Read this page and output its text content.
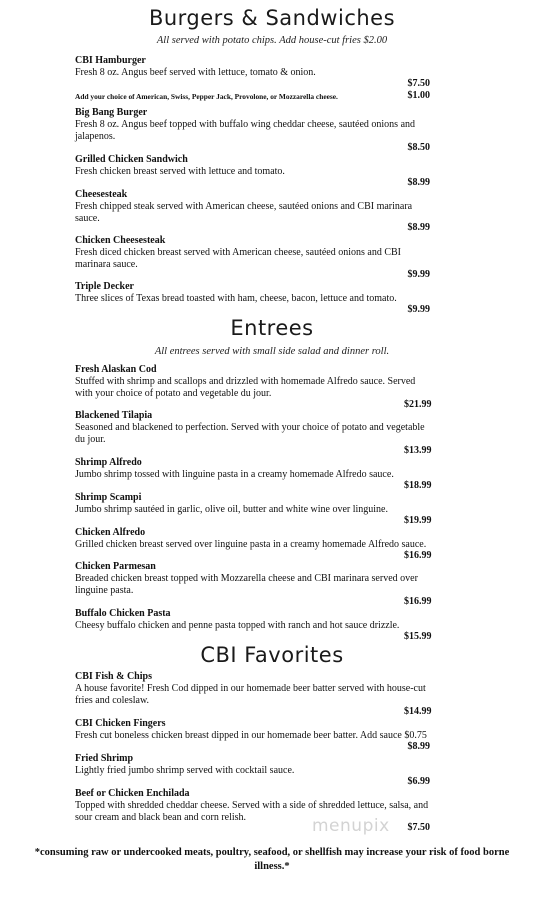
Burgers & Sandwiches
All served with potato chips. Add house-cut fries $2.00
CBI Hamburger
Fresh 8 oz. Angus beef served with lettuce, tomato & onion.
$7.50
Add your choice of American, Swiss, Pepper Jack, Provolone, or Mozzarella cheese.	$1.00
Big Bang Burger
Fresh 8 oz. Angus beef topped with buffalo wing cheddar cheese, sautéed onions and jalapenos.
$8.50
Grilled Chicken Sandwich
Fresh chicken breast served with lettuce and tomato.
$8.99
Cheesesteak
Fresh chipped steak served with American cheese, sautéed onions and CBI marinara sauce.
$8.99
Chicken Cheesesteak
Fresh diced chicken breast served with American cheese, sautéed onions and CBI marinara sauce.
$9.99
Triple Decker
Three slices of Texas bread toasted with ham, cheese, bacon, lettuce and tomato.
$9.99
Entrees
All entrees served with small side salad and dinner roll.
Fresh Alaskan Cod
Stuffed with shrimp and scallops and drizzled with homemade Alfredo sauce. Served with your choice of potato and vegetable du jour.
$21.99
Blackened Tilapia
Seasoned and blackened to perfection. Served with your choice of potato and vegetable du jour.
$13.99
Shrimp Alfredo
Jumbo shrimp tossed with linguine pasta in a creamy homemade Alfredo sauce.
$18.99
Shrimp Scampi
Jumbo shrimp sautéed in garlic, olive oil, butter and white wine over linguine.
$19.99
Chicken Alfredo
Grilled chicken breast served over linguine pasta in a creamy homemade Alfredo sauce.
$16.99
Chicken Parmesan
Breaded chicken breast topped with Mozzarella cheese and CBI marinara served over linguine pasta.
$16.99
Buffalo Chicken Pasta
Cheesy buffalo chicken and penne pasta topped with ranch and hot sauce drizzle.
$15.99
CBI Favorites
CBI Fish & Chips
A house favorite! Fresh Cod dipped in our homemade beer batter served with house-cut fries and coleslaw.
$14.99
CBI Chicken Fingers
Fresh cut boneless chicken breast dipped in our homemade beer batter. Add sauce $0.75
$8.99
Fried Shrimp
Lightly fried jumbo shrimp served with cocktail sauce.
$6.99
Beef or Chicken Enchilada
Topped with shredded cheddar cheese. Served with a side of shredded lettuce, salsa, and sour cream and black bean and corn relish.
$7.50
menupix
*consuming raw or undercooked meats, poultry, seafood, or shellfish may increase your risk of food borne illness.*
